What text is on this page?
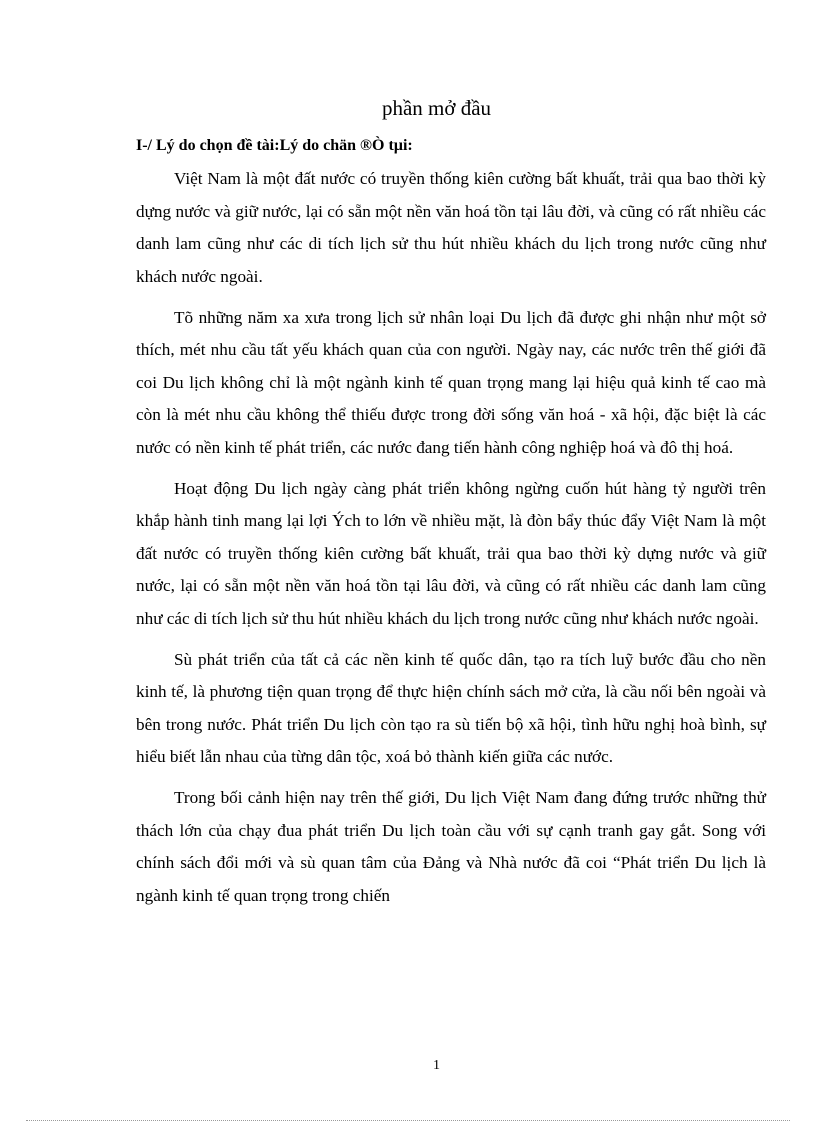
phần mở đầu
I-/ Lý do chọn đề tài:Lý do chän ®Ò tµi:

Việt Nam là một đất nước có truyền thống kiên cường bất khuất, trải qua bao thời kỳ dựng nước và giữ nước, lại có sẵn một nền văn hoá tồn tại lâu đời, và cũng có rất nhiều các danh lam cũng như các di tích lịch sử thu hút nhiều khách du lịch trong nước cũng như khách nước ngoài.

Tõ những năm xa xưa trong lịch sử nhân loại Du lịch đã được ghi nhận như một sở thích, mét nhu cầu tất yếu khách quan của con người. Ngày nay, các nước trên thế giới đã coi Du lịch không chỉ là một ngành kinh tế quan trọng mang lại hiệu quả kinh tế cao mà còn là mét nhu cầu không thể thiếu được trong đời sống văn hoá - xã hội, đặc biệt là các nước có nền kinh tế phát triển, các nước đang tiến hành công nghiệp hoá và đô thị hoá.

Hoạt động Du lịch ngày càng phát triển không ngừng cuốn hút hàng tỷ người trên khắp hành tinh mang lại lợi Ých to lớn về nhiều mặt, là đòn bẩy thúc đẩy Việt Nam là một đất nước có truyền thống kiên cường bất khuất, trải qua bao thời kỳ dựng nước và giữ nước, lại có sẵn một nền văn hoá tồn tại lâu đời, và cũng có rất nhiều các danh lam cũng như các di tích lịch sử thu hút nhiều khách du lịch trong nước cũng như khách nước ngoài.

Sù phát triển của tất cả các nền kinh tế quốc dân, tạo ra tích luỹ bước đầu cho nền kinh tế, là phương tiện quan trọng để thực hiện chính sách mở cửa, là cầu nối bên ngoài và bên trong nước. Phát triển Du lịch còn tạo ra sù tiến bộ xã hội, tình hữu nghị hoà bình, sự hiểu biết lẫn nhau của từng dân tộc, xoá bỏ thành kiến giữa các nước.

Trong bối cảnh hiện nay trên thế giới, Du lịch Việt Nam đang đứng trước những thử thách lớn của chạy đua phát triển Du lịch toàn cầu với sự cạnh tranh gay gắt. Song với chính sách đổi mới và sù quan tâm của Đảng và Nhà nước đã coi “Phát triển Du lịch là ngành kinh tế quan trọng trong chiến

1
